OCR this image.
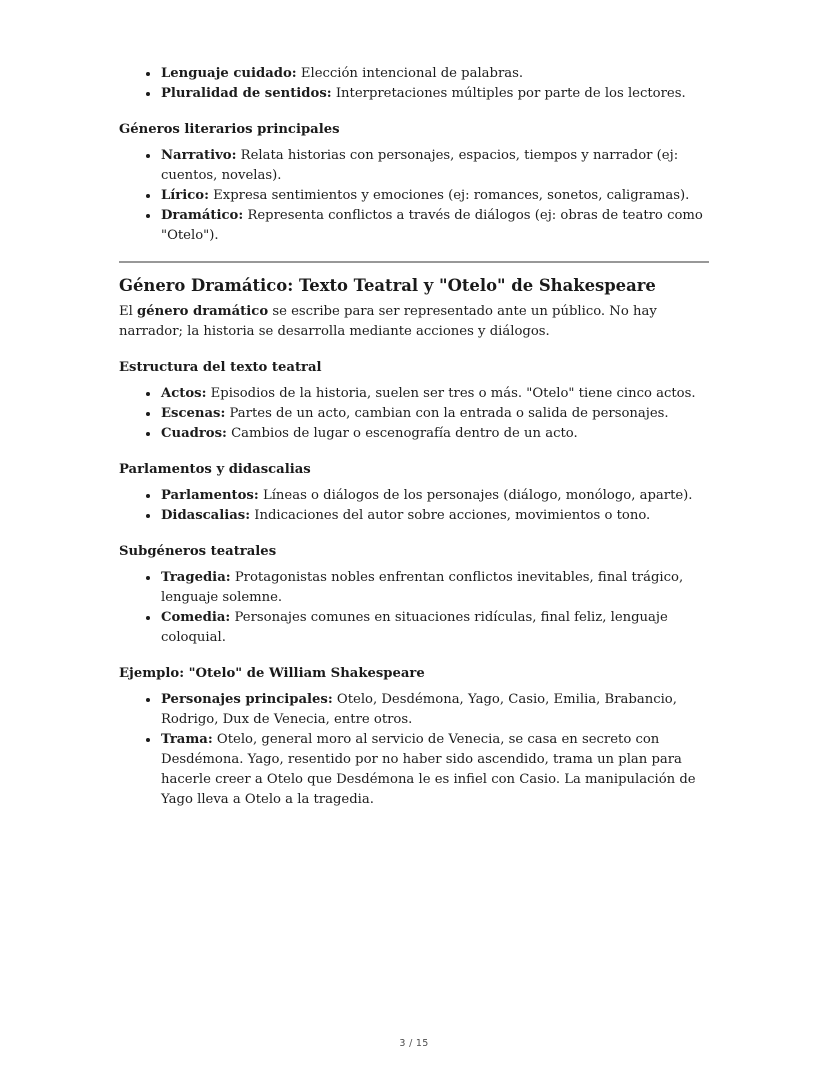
• Lenguaje cuidado: Elección intencional de palabras.
• Pluralidad de sentidos: Interpretaciones múltiples por parte de los lectores.
Géneros literarios principales
• Narrativo: Relata historias con personajes, espacios, tiempos y narrador (ej: cuentos, novelas).
• Lírico: Expresa sentimientos y emociones (ej: romances, sonetos, caligramas).
• Dramático: Representa conflictos a través de diálogos (ej: obras de teatro como "Otelo").
Género Dramático: Texto Teatral y "Otelo" de Shakespeare

El género dramático se escribe para ser representado ante un público. No hay narrador; la historia se desarrolla mediante acciones y diálogos.

Estructura del texto teatral
• Actos: Episodios de la historia, suelen ser tres o más. "Otelo" tiene cinco actos.
• Escenas: Partes de un acto, cambian con la entrada o salida de personajes.
• Cuadros: Cambios de lugar o escenografía dentro de un acto.
Parlamentos y didascalias
• Parlamentos: Líneas o diálogos de los personajes (diálogo, monólogo, aparte).
• Didascalias: Indicaciones del autor sobre acciones, movimientos o tono.
Subgéneros teatrales
• Tragedia: Protagonistas nobles enfrentan conflictos inevitables, final trágico, lenguaje solemne.
• Comedia: Personajes comunes en situaciones ridículas, final feliz, lenguaje coloquial.
Ejemplo: "Otelo" de William Shakespeare
• Personajes principales: Otelo, Desdémona, Yago, Casio, Emilia, Brabancio, Rodrigo, Dux de Venecia, entre otros.
• Trama: Otelo, general moro al servicio de Venecia, se casa en secreto con Desdémona. Yago, resentido por no haber sido ascendido, trama un plan para hacerle creer a Otelo que Desdémona le es infiel con Casio. La manipulación de Yago lleva a Otelo a la tragedia.
3 / 15
